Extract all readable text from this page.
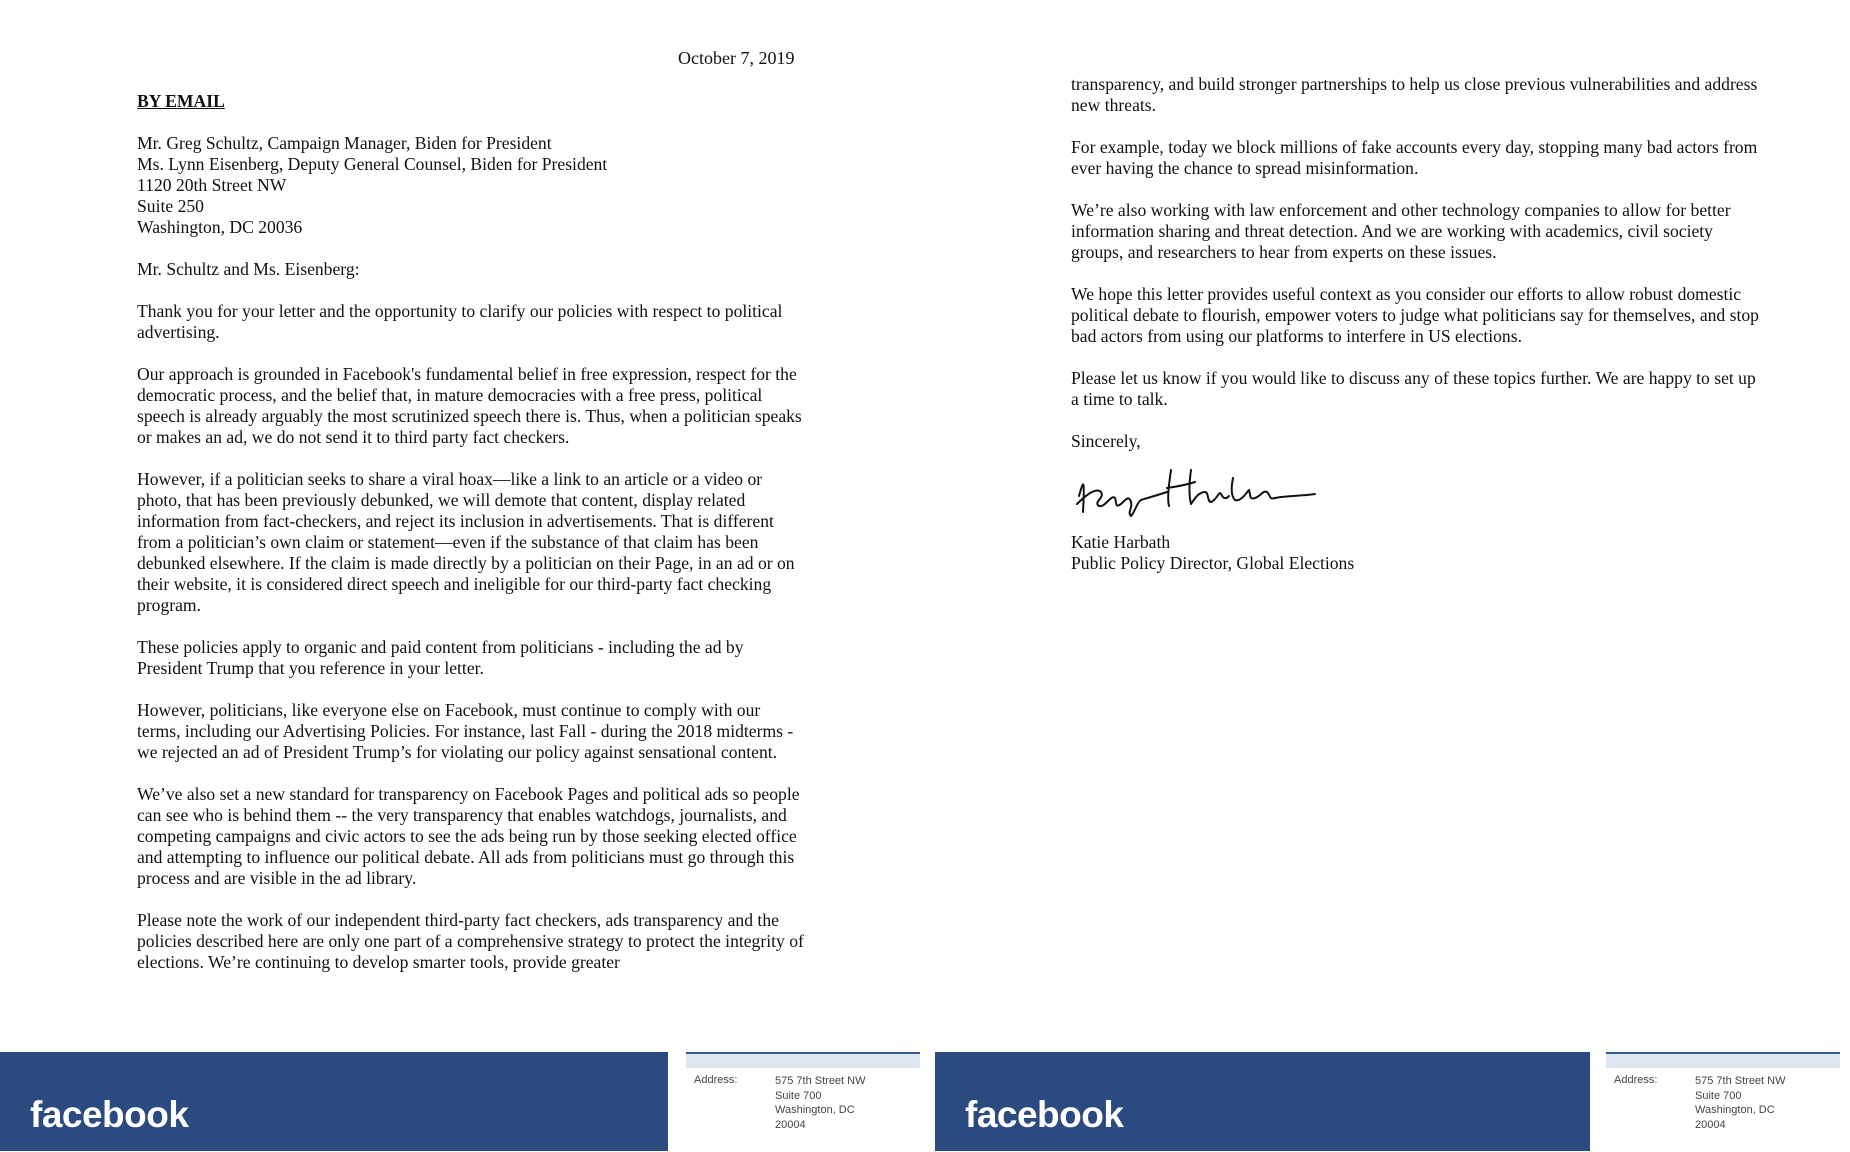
October 7, 2019

BY EMAIL

Mr. Greg Schultz, Campaign Manager, Biden for President
Ms. Lynn Eisenberg, Deputy General Counsel, Biden for President
1120 20th Street NW
Suite 250
Washington, DC 20036

Mr. Schultz and Ms. Eisenberg:

Thank you for your letter and the opportunity to clarify our policies with respect to political advertising.

Our approach is grounded in Facebook's fundamental belief in free expression, respect for the democratic process, and the belief that, in mature democracies with a free press, political speech is already arguably the most scrutinized speech there is. Thus, when a politician speaks or makes an ad, we do not send it to third party fact checkers.

However, if a politician seeks to share a viral hoax—like a link to an article or a video or photo, that has been previously debunked, we will demote that content, display related information from fact-checkers, and reject its inclusion in advertisements. That is different from a politician’s own claim or statement—even if the substance of that claim has been debunked elsewhere. If the claim is made directly by a politician on their Page, in an ad or on their website, it is considered direct speech and ineligible for our third-party fact checking program.

These policies apply to organic and paid content from politicians - including the ad by President Trump that you reference in your letter.

However, politicians, like everyone else on Facebook, must continue to comply with our terms, including our Advertising Policies. For instance, last Fall - during the 2018 midterms - we rejected an ad of President Trump’s for violating our policy against sensational content.

We’ve also set a new standard for transparency on Facebook Pages and political ads so people can see who is behind them -- the very transparency that enables watchdogs, journalists, and competing campaigns and civic actors to see the ads being run by those seeking elected office and attempting to influence our political debate. All ads from politicians must go through this process and are visible in the ad library.

Please note the work of our independent third-party fact checkers, ads transparency and the policies described here are only one part of a comprehensive strategy to protect the integrity of elections. We’re continuing to develop smarter tools, provide greater

facebook
Address:	575 7th Street NW
Suite 700
Washington, DC
20004

transparency, and build stronger partnerships to help us close previous vulnerabilities and address new threats.

For example, today we block millions of fake accounts every day, stopping many bad actors from ever having the chance to spread misinformation.

We’re also working with law enforcement and other technology companies to allow for better information sharing and threat detection. And we are working with academics, civil society groups, and researchers to hear from experts on these issues.

We hope this letter provides useful context as you consider our efforts to allow robust domestic political debate to flourish, empower voters to judge what politicians say for themselves, and stop bad actors from using our platforms to interfere in US elections.

Please let us know if you would like to discuss any of these topics further. We are happy to set up a time to talk.

Sincerely,

Katie Harbath
Public Policy Director, Global Elections

facebook
Address:	575 7th Street NW
Suite 700
Washington, DC
20004
